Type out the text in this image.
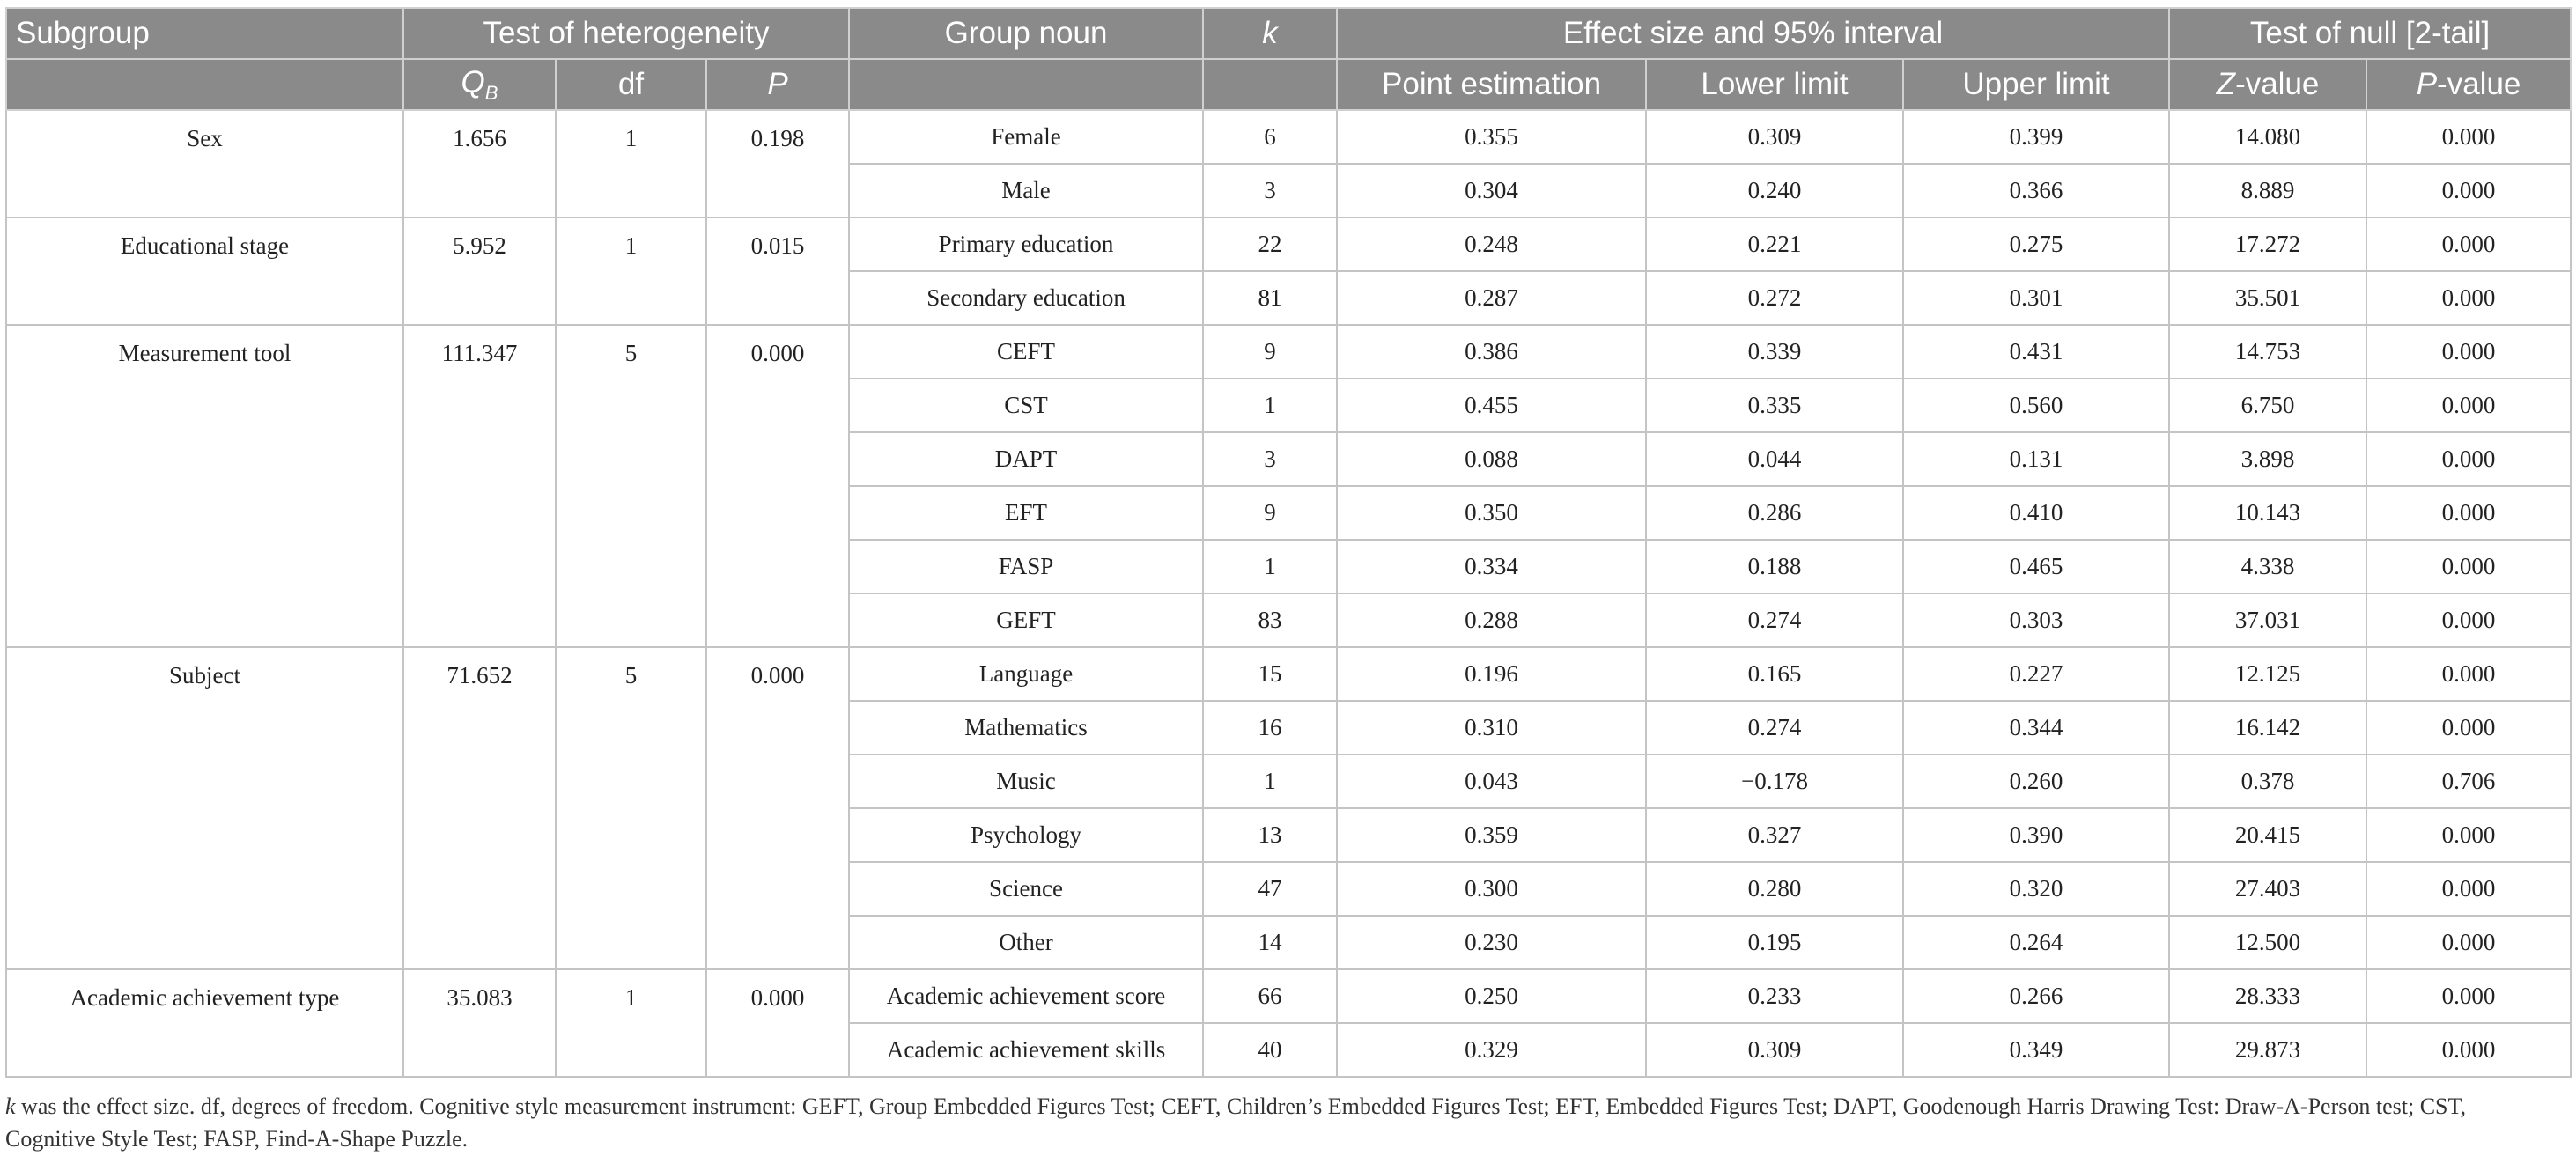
Subgroup	Test of heterogeneity			Group noun	k	Effect size and 95% interval			Test of null [2-tail]	
	$Q_B$	df	P			Point estimation	Lower limit	Upper limit	Z-value	P-value
Sex	1.656	1	0.198	Female	6	0.355	0.309	0.399	14.080	0.000
				Male	3	0.304	0.240	0.366	8.889	0.000
Educational stage	5.952	1	0.015	Primary education	22	0.248	0.221	0.275	17.272	0.000
				Secondary education	81	0.287	0.272	0.301	35.501	0.000
Measurement tool	111.347	5	0.000	CEFT	9	0.386	0.339	0.431	14.753	0.000
				CST	1	0.455	0.335	0.560	6.750	0.000
				DAPT	3	0.088	0.044	0.131	3.898	0.000
				EFT	9	0.350	0.286	0.410	10.143	0.000
				FASP	1	0.334	0.188	0.465	4.338	0.000
				GEFT	83	0.288	0.274	0.303	37.031	0.000
Subject	71.652	5	0.000	Language	15	0.196	0.165	0.227	12.125	0.000
				Mathematics	16	0.310	0.274	0.344	16.142	0.000
				Music	1	0.043	−0.178	0.260	0.378	0.706
				Psychology	13	0.359	0.327	0.390	20.415	0.000
				Science	47	0.300	0.280	0.320	27.403	0.000
				Other	14	0.230	0.195	0.264	12.500	0.000
Academic achievement type	35.083	1	0.000	Academic achievement score	66	0.250	0.233	0.266	28.333	0.000
				Academic achievement skills	40	0.329	0.309	0.349	29.873	0.000
k was the effect size. df, degrees of freedom. Cognitive style measurement instrument: GEFT, Group Embedded Figures Test; CEFT, Children’s Embedded Figures Test; EFT, Embedded Figures Test; DAPT, Goodenough Harris Drawing Test: Draw-A-Person test; CST, Cognitive Style Test; FASP, Find-A-Shape Puzzle.
